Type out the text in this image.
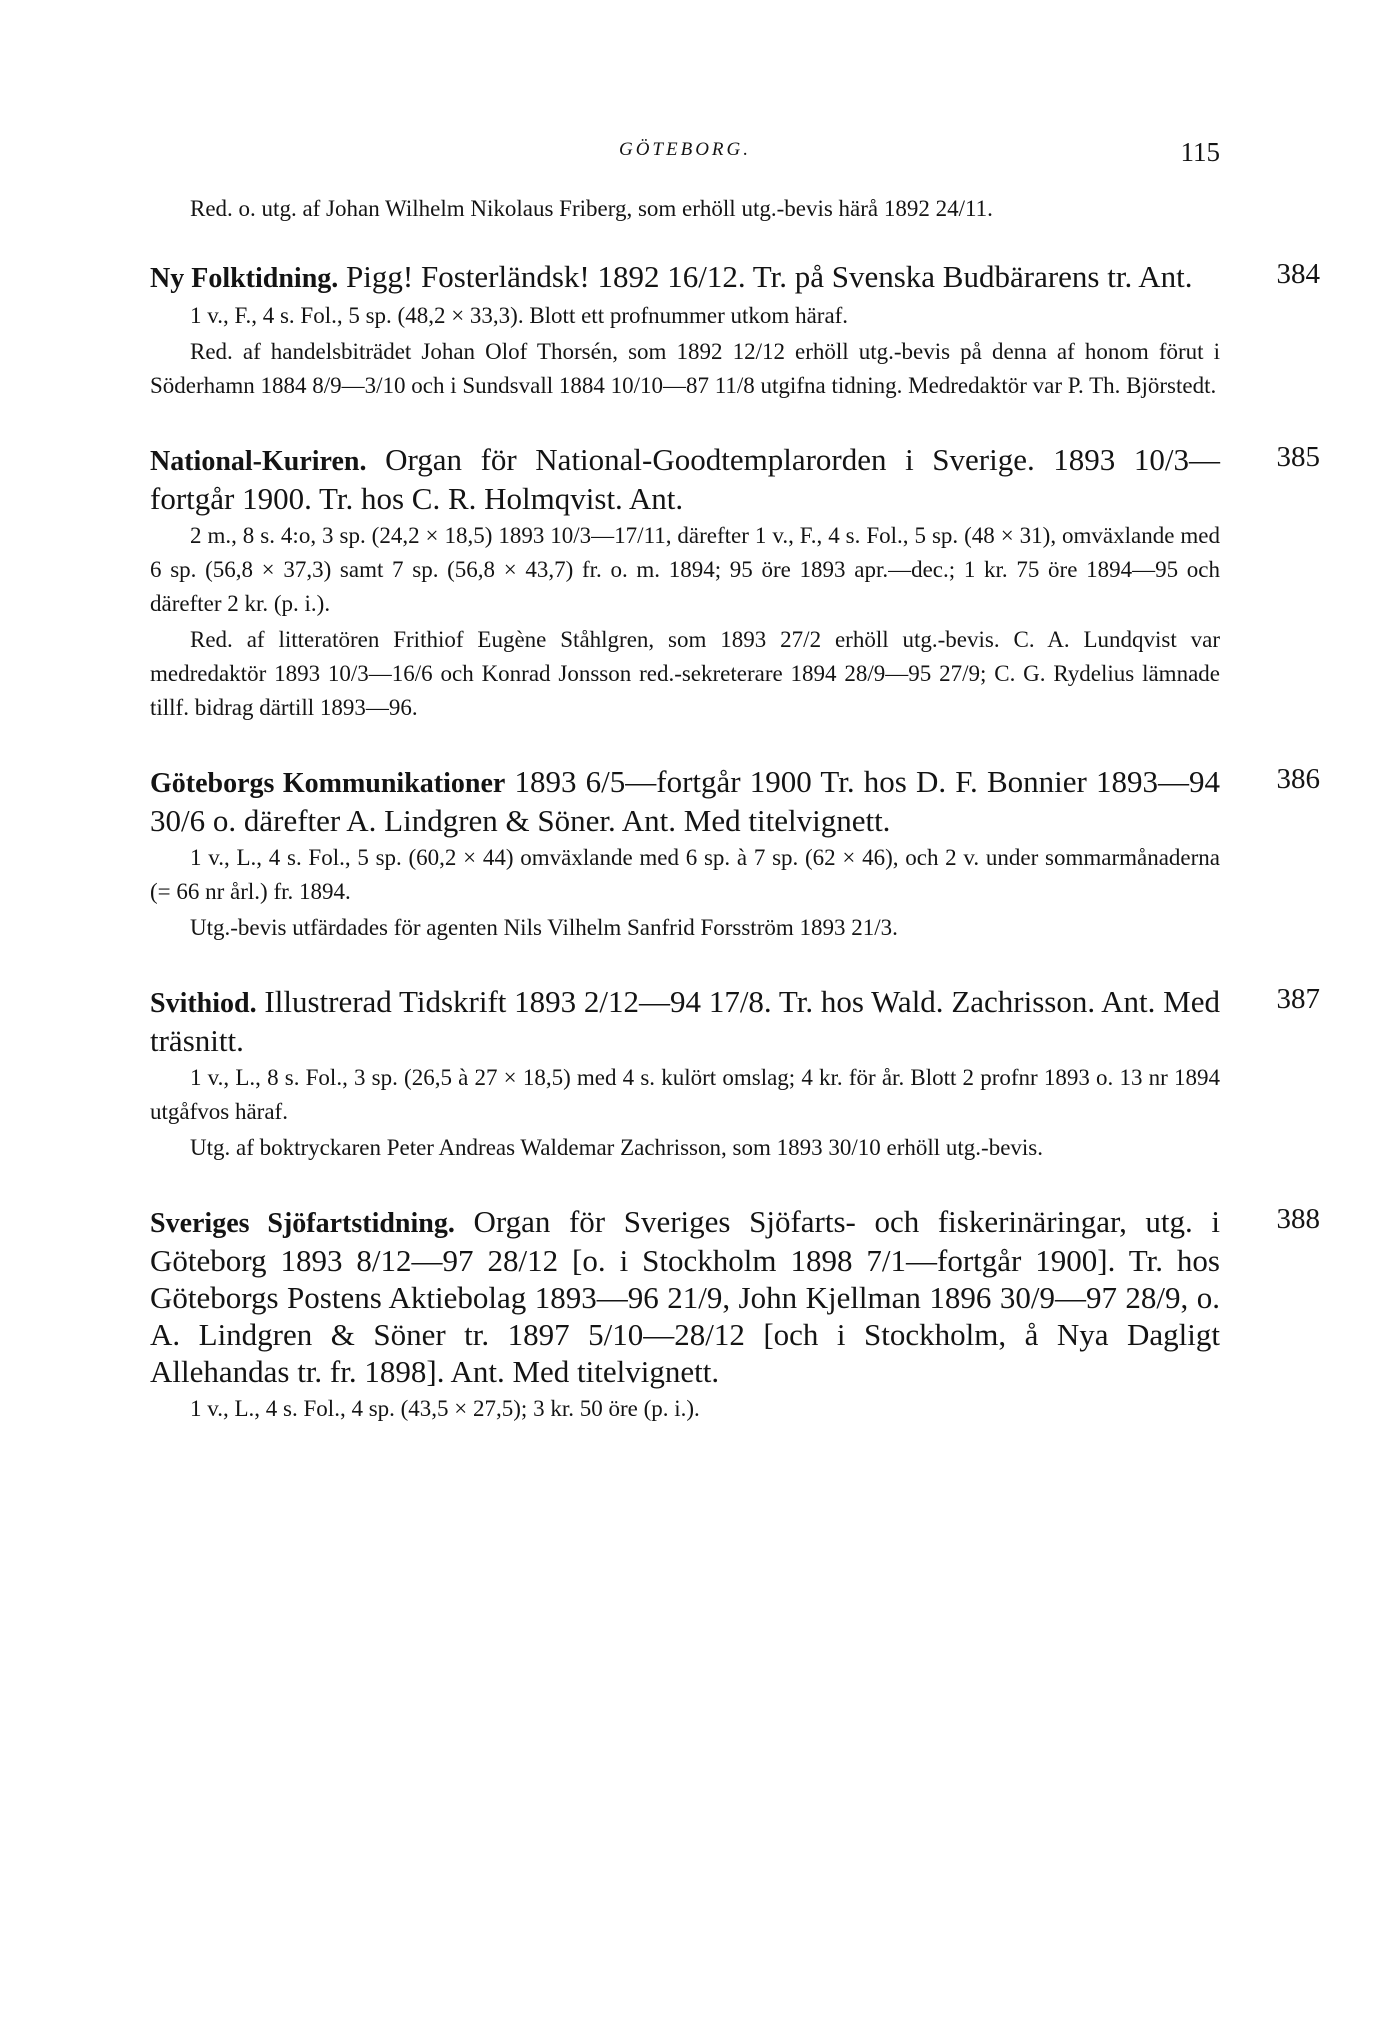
GÖTEBORG.	115

Red. o. utg. af Johan Wilhelm Nikolaus Friberg, som erhöll utg.-bevis härå 1892 24/11.

384
Ny Folktidning. Pigg! Fosterländsk! 1892 16/12. Tr. på Svenska Budbärarens tr. Ant.

1 v., F., 4 s. Fol., 5 sp. (48,2 × 33,3). Blott ett profnummer utkom häraf.

Red. af handelsbiträdet Johan Olof Thorsén, som 1892 12/12 erhöll utg.-bevis på denna af honom förut i Söderhamn 1884 8/9—3/10 och i Sundsvall 1884 10/10—87 11/8 utgifna tidning. Medredaktör var P. Th. Björstedt.

385
National-Kuriren. Organ för National-Goodtemplarorden i Sverige. 1893 10/3—fortgår 1900. Tr. hos C. R. Holmqvist. Ant.

2 m., 8 s. 4:o, 3 sp. (24,2 × 18,5) 1893 10/3—17/11, därefter 1 v., F., 4 s. Fol., 5 sp. (48 × 31), omväxlande med 6 sp. (56,8 × 37,3) samt 7 sp. (56,8 × 43,7) fr. o. m. 1894; 95 öre 1893 apr.—dec.; 1 kr. 75 öre 1894—95 och därefter 2 kr. (p. i.).

Red. af litteratören Frithiof Eugène Ståhlgren, som 1893 27/2 erhöll utg.-bevis. C. A. Lundqvist var medredaktör 1893 10/3—16/6 och Konrad Jonsson red.-sekreterare 1894 28/9—95 27/9; C. G. Rydelius lämnade tillf. bidrag därtill 1893—96.

386
Göteborgs Kommunikationer 1893 6/5—fortgår 1900 Tr. hos D. F. Bonnier 1893—94 30/6 o. därefter A. Lindgren & Söner. Ant. Med titelvignett.

1 v., L., 4 s. Fol., 5 sp. (60,2 × 44) omväxlande med 6 sp. à 7 sp. (62 × 46), och 2 v. under sommarmånaderna (= 66 nr årl.) fr. 1894.

Utg.-bevis utfärdades för agenten Nils Vilhelm Sanfrid Forsström 1893 21/3.

387
Svithiod. Illustrerad Tidskrift 1893 2/12—94 17/8. Tr. hos Wald. Zachrisson. Ant. Med träsnitt.

1 v., L., 8 s. Fol., 3 sp. (26,5 à 27 × 18,5) med 4 s. kulört omslag; 4 kr. för år. Blott 2 profnr 1893 o. 13 nr 1894 utgåfvos häraf.

Utg. af boktryckaren Peter Andreas Waldemar Zachrisson, som 1893 30/10 erhöll utg.-bevis.

388
Sveriges Sjöfartstidning. Organ för Sveriges Sjöfarts- och fiskerinäringar, utg. i Göteborg 1893 8/12—97 28/12 [o. i Stockholm 1898 7/1—fortgår 1900]. Tr. hos Göteborgs Postens Aktiebolag 1893—96 21/9, John Kjellman 1896 30/9—97 28/9, o. A. Lindgren & Söner tr. 1897 5/10—28/12 [och i Stockholm, å Nya Dagligt Allehandas tr. fr. 1898]. Ant. Med titelvignett.

1 v., L., 4 s. Fol., 4 sp. (43,5 × 27,5); 3 kr. 50 öre (p. i.).
